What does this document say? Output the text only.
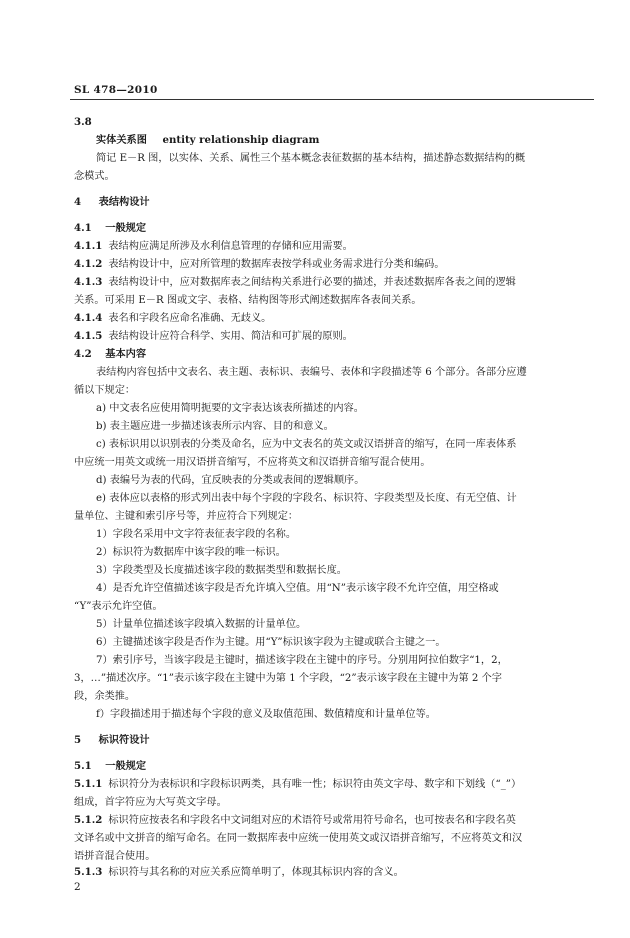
SL 478—2010
3.8
实体关系图 entity relationship diagram
简记 E－R 图，以实体、关系、属性三个基本概念表征数据的基本结构，描述静态数据结构的概
念模式。
4 表结构设计
4.1 一般规定
4.1.1 表结构应满足所涉及水利信息管理的存储和应用需要。
4.1.2 表结构设计中，应对所管理的数据库表按学科或业务需求进行分类和编码。
4.1.3 表结构设计中，应对数据库表之间结构关系进行必要的描述，并表述数据库各表之间的逻辑
关系。可采用 E－R 图或文字、表格、结构图等形式阐述数据库各表间关系。
4.1.4 表名和字段名应命名准确、无歧义。
4.1.5 表结构设计应符合科学、实用、简洁和可扩展的原则。
4.2 基本内容
表结构内容包括中文表名、表主题、表标识、表编号、表体和字段描述等 6 个部分。各部分应遵
循以下规定：
a) 中文表名应使用简明扼要的文字表达该表所描述的内容。
b) 表主题应进一步描述该表所示内容、目的和意义。
c) 表标识用以识别表的分类及命名，应为中文表名的英文或汉语拼音的缩写，在同一库表体系
中应统一用英文或统一用汉语拼音缩写，不应将英文和汉语拼音缩写混合使用。
d) 表编号为表的代码，宜反映表的分类或表间的逻辑顺序。
e) 表体应以表格的形式列出表中每个字段的字段名、标识符、字段类型及长度、有无空值、计
量单位、主键和索引序号等，并应符合下列规定：
1）字段名采用中文字符表征表字段的名称。
2）标识符为数据库中该字段的唯一标识。
3）字段类型及长度描述该字段的数据类型和数据长度。
4）是否允许空值描述该字段是否允许填入空值。用“N”表示该字段不允许空值，用空格或
“Y”表示允许空值。
5）计量单位描述该字段填入数据的计量单位。
6）主键描述该字段是否作为主键。用“Y”标识该字段为主键或联合主键之一。
7）索引序号，当该字段是主键时，描述该字段在主键中的序号。分别用阿拉伯数字“1，2，
3，…”描述次序。“1”表示该字段在主键中为第 1 个字段，“2”表示该字段在主键中为第 2 个字
段，余类推。
f）字段描述用于描述每个字段的意义及取值范围、数值精度和计量单位等。
5 标识符设计
5.1 一般规定
5.1.1 标识符分为表标识和字段标识两类，具有唯一性；标识符由英文字母、数字和下划线（“_”）
组成，首字符应为大写英文字母。
5.1.2 标识符应按表名和字段名中文词组对应的术语符号或常用符号命名，也可按表名和字段名英
文译名或中文拼音的缩写命名。在同一数据库表中应统一使用英文或汉语拼音缩写，不应将英文和汉
语拼音混合使用。
5.1.3 标识符与其名称的对应关系应简单明了，体现其标识内容的含义。
2
